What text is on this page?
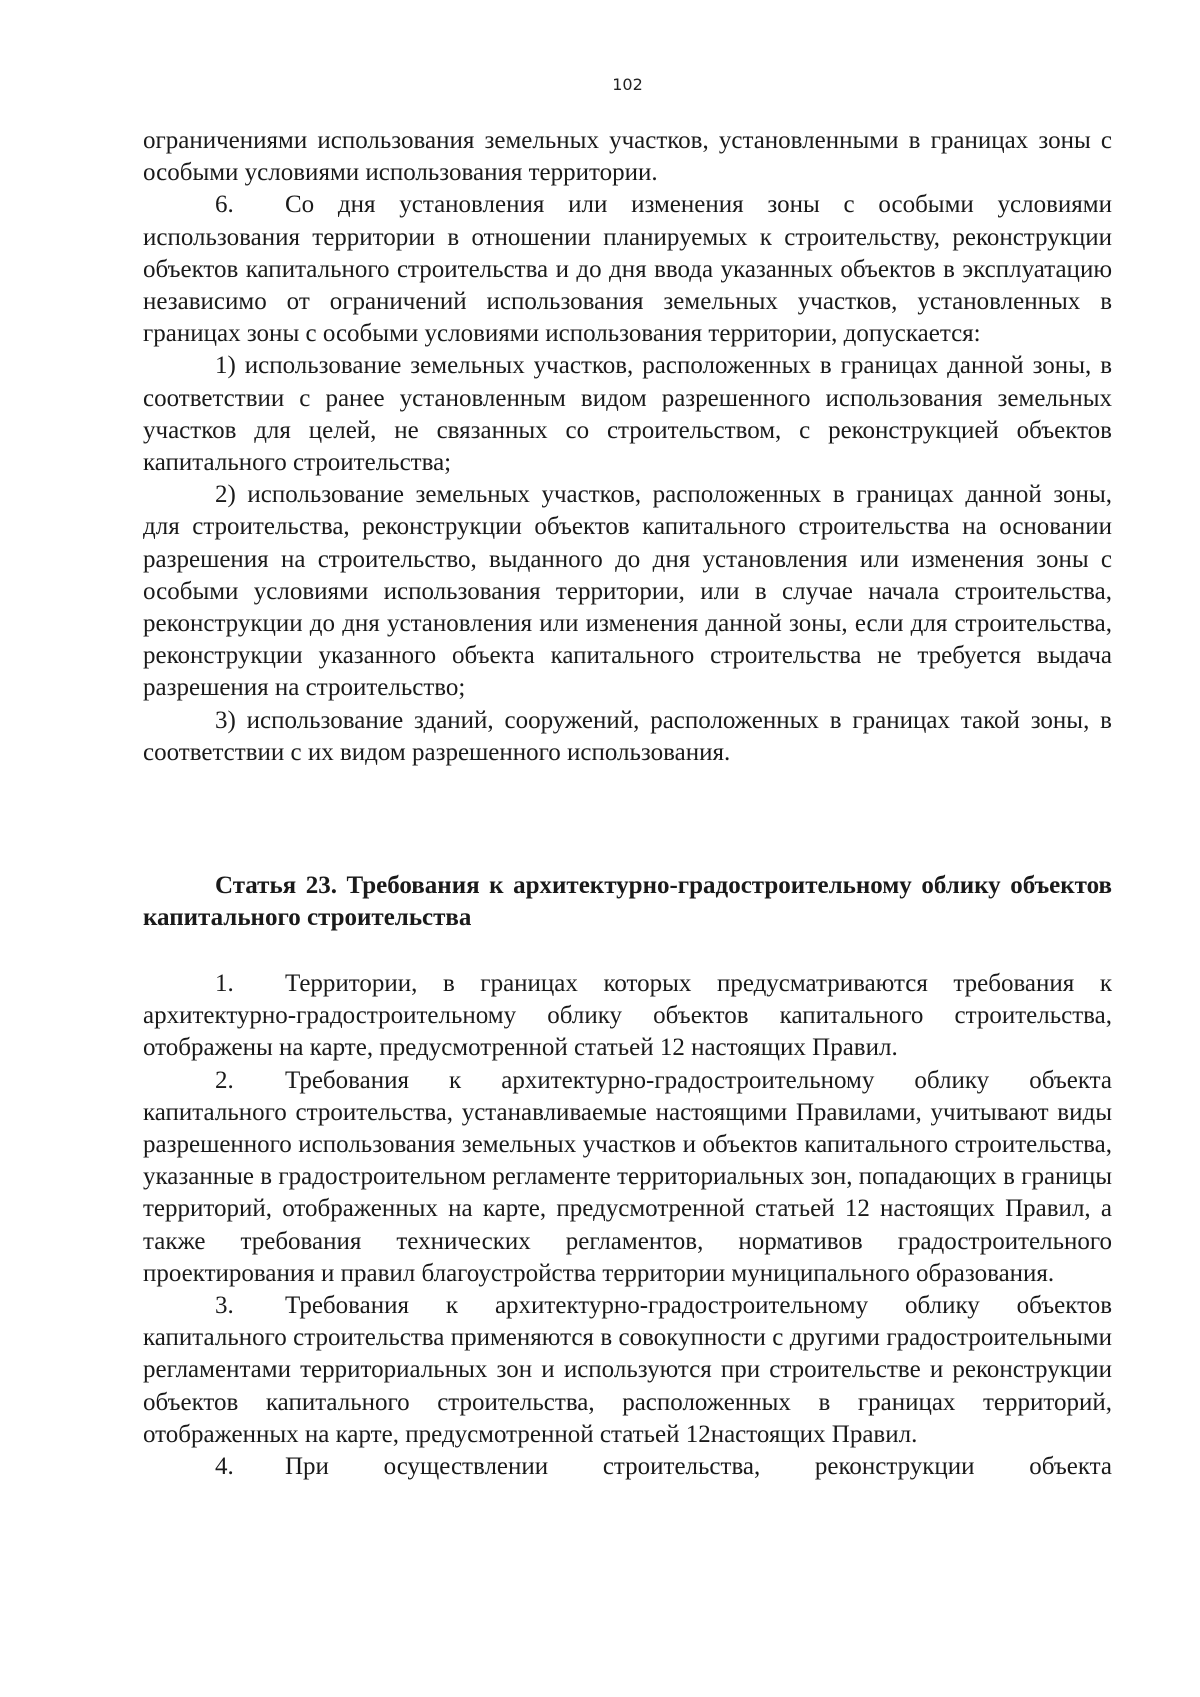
102

ограничениями использования земельных участков, установленными в границах зоны с особыми условиями использования территории.

6. Со дня установления или изменения зоны с особыми условиями использования территории в отношении планируемых к строительству, реконструкции объектов капитального строительства и до дня ввода указанных объектов в эксплуатацию независимо от ограничений использования земельных участков, установленных в границах зоны с особыми условиями использования территории, допускается:

1) использование земельных участков, расположенных в границах данной зоны, в соответствии с ранее установленным видом разрешенного использования земельных участков для целей, не связанных со строительством, с реконструкцией объектов капитального строительства;

2) использование земельных участков, расположенных в границах данной зоны, для строительства, реконструкции объектов капитального строительства на основании разрешения на строительство, выданного до дня установления или изменения зоны с особыми условиями использования территории, или в случае начала строительства, реконструкции до дня установления или изменения данной зоны, если для строительства, реконструкции указанного объекта капитального строительства не требуется выдача разрешения на строительство;

3) использование зданий, сооружений, расположенных в границах такой зоны, в соответствии с их видом разрешенного использования.

Статья 23. Требования к архитектурно-градостроительному облику объектов капитального строительства

1. Территории, в границах которых предусматриваются требования к архитектурно-градостроительному облику объектов капитального строительства, отображены на карте, предусмотренной статьей 12 настоящих Правил.

2. Требования к архитектурно-градостроительному облику объекта капитального строительства, устанавливаемые настоящими Правилами, учитывают виды разрешенного использования земельных участков и объектов капитального строительства, указанные в градостроительном регламенте территориальных зон, попадающих в границы территорий, отображенных на карте, предусмотренной статьей 12 настоящих Правил, а также требования технических регламентов, нормативов градостроительного проектирования и правил благоустройства территории муниципального образования.

3. Требования к архитектурно-градостроительному облику объектов капитального строительства применяются в совокупности с другими градостроительными регламентами территориальных зон и используются при строительстве и реконструкции объектов капитального строительства, расположенных в границах территорий, отображенных на карте, предусмотренной статьей 12настоящих Правил.

4. При осуществлении строительства, реконструкции объекта
